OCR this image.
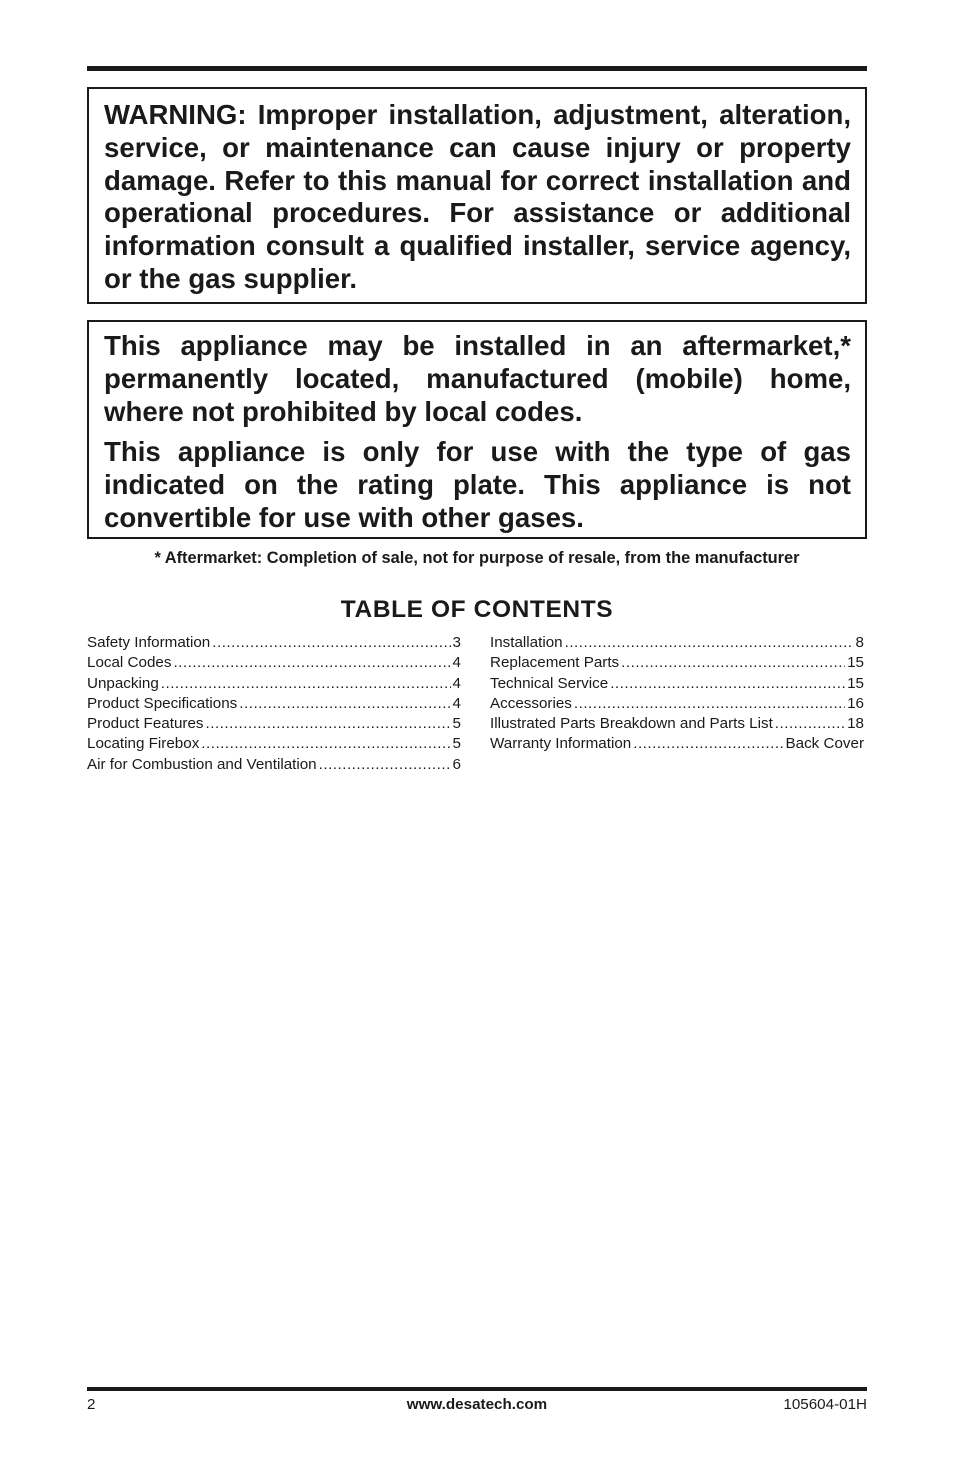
WARNING: Improper installation, adjustment, alteration, service, or maintenance can cause injury or property damage. Refer to this manual for correct installation and operational procedures. For assistance or additional information consult a qualified installer, service agency, or the gas supplier.

This appliance may be installed in an aftermarket,* permanently located, manufactured (mobile) home, where not prohibited by local codes.

This appliance is only for use with the type of gas indicated on the rating plate. This appliance is not convertible for use with other gases.

* Aftermarket: Completion of sale, not for purpose of resale, from the manufacturer
TABLE OF CONTENTS
Safety Information .....	3
Local Codes .....	4
Unpacking .....	4
Product Specifications .....	4
Product Features .....	5
Locating Firebox .....	5
Air for Combustion and Ventilation .....	6
Installation .....	8
Replacement Parts .....	15
Technical Service .....	15
Accessories .....	16
Illustrated Parts Breakdown and Parts List .....	18
Warranty Information .....	Back Cover
2	www.desatech.com	105604-01H
